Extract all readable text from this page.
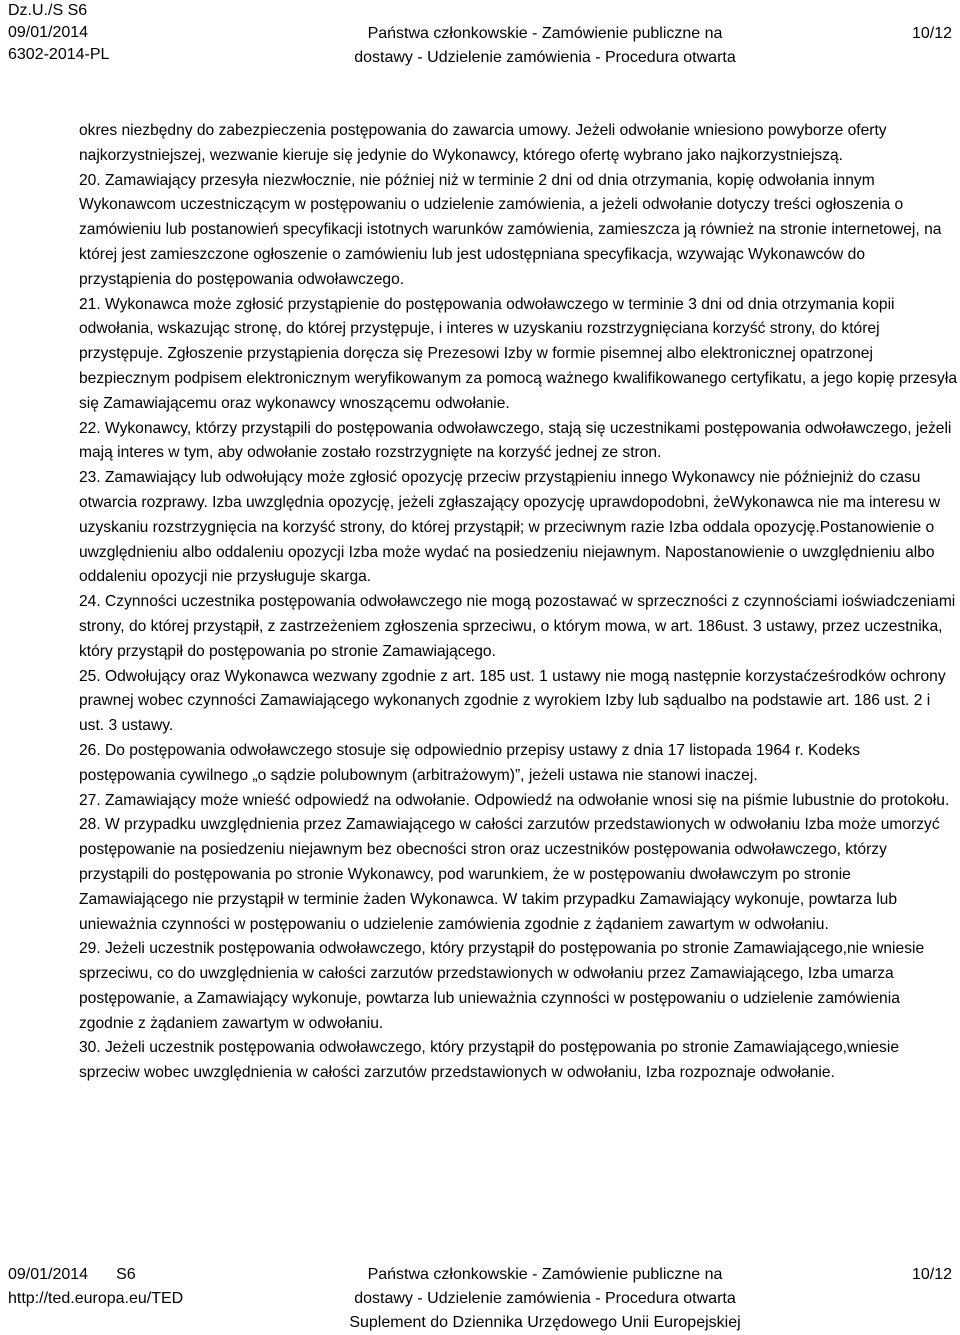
Dz.U./S S6
09/01/2014
6302-2014-PL
Państwa członkowskie - Zamówienie publiczne na
dostawy - Udzielenie zamówienia - Procedura otwarta
10/12

okres niezbędny do zabezpieczenia postępowania do zawarcia umowy. Jeżeli odwołanie wniesiono powyborze oferty najkorzystniejszej, wezwanie kieruje się jedynie do Wykonawcy, którego ofertę wybrano jako najkorzystniejszą.

20. Zamawiający przesyła niezwłocznie, nie później niż w terminie 2 dni od dnia otrzymania, kopię odwołania innym Wykonawcom uczestniczącym w postępowaniu o udzielenie zamówienia, a jeżeli odwołanie dotyczy treści ogłoszenia o zamówieniu lub postanowień specyfikacji istotnych warunków zamówienia, zamieszcza ją również na stronie internetowej, na której jest zamieszczone ogłoszenie o zamówieniu lub jest udostępniana specyfikacja, wzywając Wykonawców do przystąpienia do postępowania odwoławczego.

21. Wykonawca może zgłosić przystąpienie do postępowania odwoławczego w terminie 3 dni od dnia otrzymania kopii odwołania, wskazując stronę, do której przystępuje, i interes w uzyskaniu rozstrzygnięciana korzyść strony, do której przystępuje. Zgłoszenie przystąpienia doręcza się Prezesowi Izby w formie pisemnej albo elektronicznej opatrzonej bezpiecznym podpisem elektronicznym weryfikowanym za pomocą ważnego kwalifikowanego certyfikatu, a jego kopię przesyła się Zamawiającemu oraz wykonawcy wnoszącemu odwołanie.

22. Wykonawcy, którzy przystąpili do postępowania odwoławczego, stają się uczestnikami postępowania odwoławczego, jeżeli mają interes w tym, aby odwołanie zostało rozstrzygnięte na korzyść jednej ze stron.

23. Zamawiający lub odwołujący może zgłosić opozycję przeciw przystąpieniu innego Wykonawcy nie późniejniż do czasu otwarcia rozprawy. Izba uwzględnia opozycję, jeżeli zgłaszający opozycję uprawdopodobni, żeWykonawca nie ma interesu w uzyskaniu rozstrzygnięcia na korzyść strony, do której przystąpił; w przeciwnym razie Izba oddala opozycję.Postanowienie o uwzględnieniu albo oddaleniu opozycji Izba może wydać na posiedzeniu niejawnym. Napostanowienie o uwzględnieniu albo oddaleniu opozycji nie przysługuje skarga.

24. Czynności uczestnika postępowania odwoławczego nie mogą pozostawać w sprzeczności z czynnościami ioświadczeniami strony, do której przystąpił, z zastrzeżeniem zgłoszenia sprzeciwu, o którym mowa, w art. 186ust. 3 ustawy, przez uczestnika, który przystąpił do postępowania po stronie Zamawiającego.

25. Odwołujący oraz Wykonawca wezwany zgodnie z art. 185 ust. 1 ustawy nie mogą następnie korzystaćześrodków ochrony prawnej wobec czynności Zamawiającego wykonanych zgodnie z wyrokiem Izby lub sądualbo na podstawie art. 186 ust. 2 i ust. 3 ustawy.

26. Do postępowania odwoławczego stosuje się odpowiednio przepisy ustawy z dnia 17 listopada 1964 r. Kodeks postępowania cywilnego „o sądzie polubownym (arbitrażowym)”, jeżeli ustawa nie stanowi inaczej.

27. Zamawiający może wnieść odpowiedź na odwołanie. Odpowiedź na odwołanie wnosi się na piśmie lubustnie do protokołu.

28. W przypadku uwzględnienia przez Zamawiającego w całości zarzutów przedstawionych w odwołaniu Izba może umorzyć postępowanie na posiedzeniu niejawnym bez obecności stron oraz uczestników postępowania odwoławczego, którzy przystąpili do postępowania po stronie Wykonawcy, pod warunkiem, że w postępowaniu dwoławczym po stronie Zamawiającego nie przystąpił w terminie żaden Wykonawca. W takim przypadku Zamawiający wykonuje, powtarza lub unieważnia czynności w postępowaniu o udzielenie zamówienia zgodnie z żądaniem zawartym w odwołaniu.

29. Jeżeli uczestnik postępowania odwoławczego, który przystąpił do postępowania po stronie Zamawiającego,nie wniesie sprzeciwu, co do uwzględnienia w całości zarzutów przedstawionych w odwołaniu przez Zamawiającego, Izba umarza postępowanie, a Zamawiający wykonuje, powtarza lub unieważnia czynności w postępowaniu o udzielenie zamówienia zgodnie z żądaniem zawartym w odwołaniu.

30. Jeżeli uczestnik postępowania odwoławczego, który przystąpił do postępowania po stronie Zamawiającego,wniesie sprzeciw wobec uwzględnienia w całości zarzutów przedstawionych w odwołaniu, Izba rozpoznaje odwołanie.

09/01/2014 S6
http://ted.europa.eu/TED
Państwa członkowskie - Zamówienie publiczne na
dostawy - Udzielenie zamówienia - Procedura otwarta
Suplement do Dziennika Urzędowego Unii Europejskiej
10/12
